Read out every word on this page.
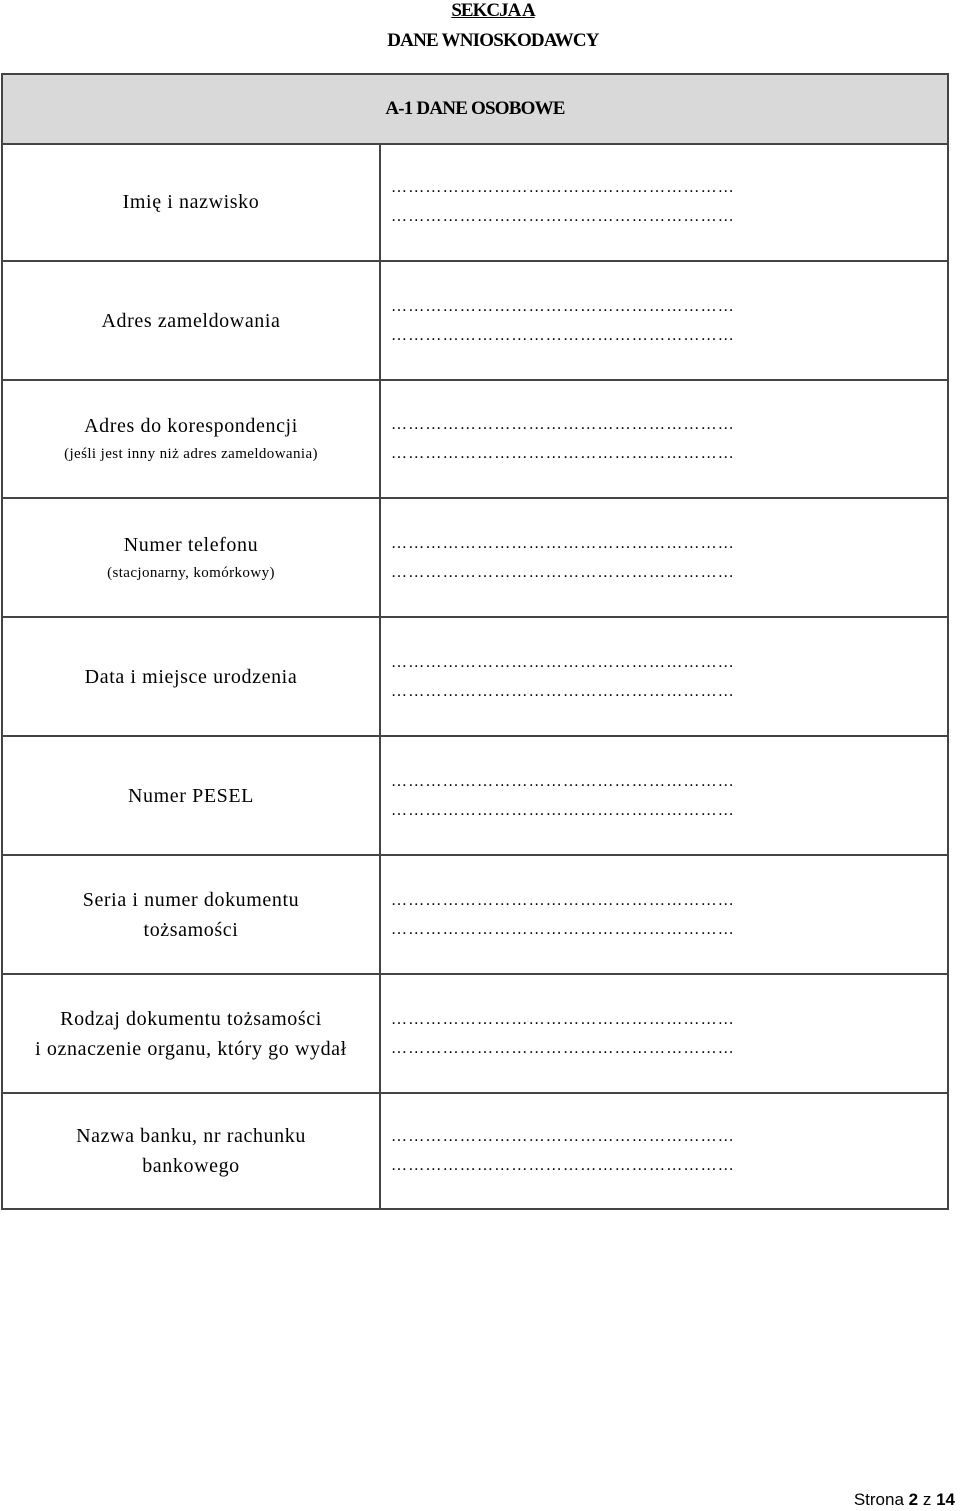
SEKCJA A
DANE WNIOSKODAWCY
A-1 DANE OSOBOWE
Imię i nazwisko
……………………………………………………
……………………………………………………
Adres zameldowania
……………………………………………………
……………………………………………………
Adres do korespondencji
(jeśli jest inny niż adres zameldowania)
……………………………………………………
……………………………………………………
Numer telefonu
(stacjonarny, komórkowy)
……………………………………………………
……………………………………………………
Data i miejsce urodzenia
……………………………………………………
……………………………………………………
Numer PESEL
……………………………………………………
……………………………………………………
Seria i numer dokumentu
tożsamości
……………………………………………………
……………………………………………………
Rodzaj dokumentu tożsamości
i oznaczenie organu, który go wydał
……………………………………………………
……………………………………………………
Nazwa banku, nr rachunku
bankowego
……………………………………………………
……………………………………………………
Strona 2 z 14
